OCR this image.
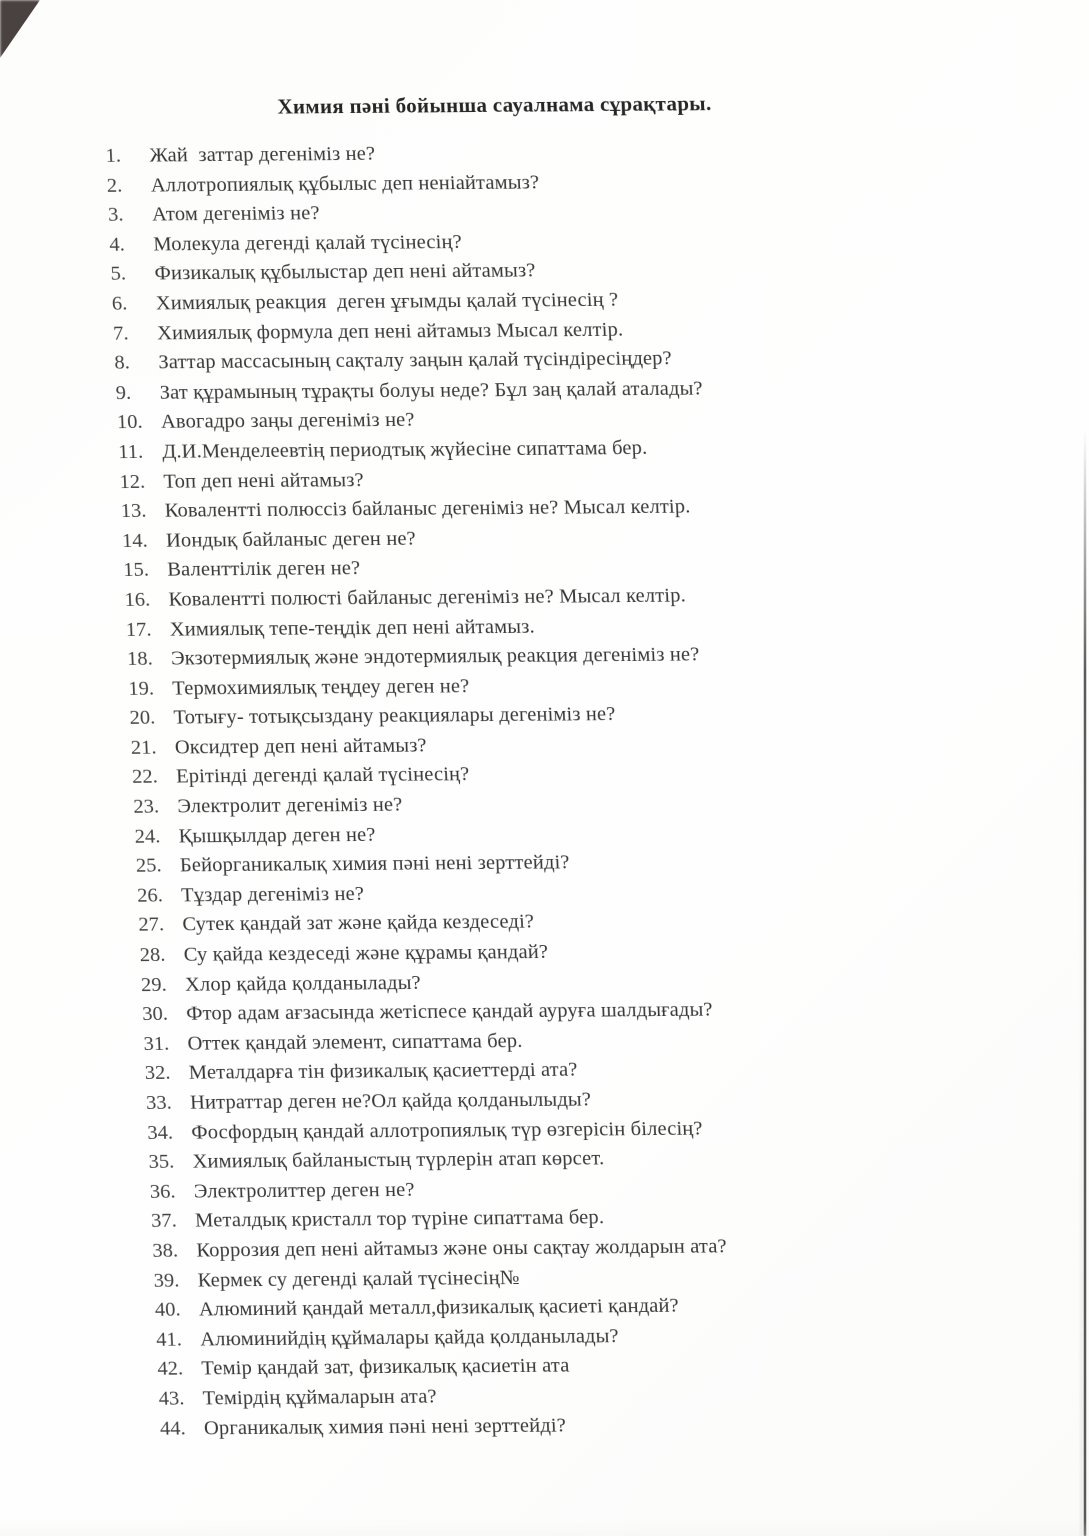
Химия пәні бойынша сауалнама сұрақтары.
1.	Жай  заттар дегеніміз не?
2.	Аллотропиялық құбылыс деп неніайтамыз?
3.	Атом дегеніміз не?
4.	Молекула дегенді қалай түсінесің?
5.	Физикалық құбылыстар деп нені айтамыз?
6.	Химиялық реакция  деген ұғымды қалай түсінесің ?
7.	Химиялық формула деп нені айтамыз Мысал келтір.
8.	Заттар массасының сақталу заңын қалай түсіндіресіңдер?
9.	Зат құрамының тұрақты болуы неде? Бұл заң қалай аталады?
10. Авогадро заңы дегеніміз не?
11. Д.И.Менделеевтің периодтық жүйесіне сипаттама бер.
12. Топ деп нені айтамыз?
13. Ковалентті полюссіз байланыс дегеніміз не? Мысал келтір.
14. Иондық байланыс деген не?
15. Валенттілік деген не?
16. Ковалентті полюсті байланыс дегеніміз не? Мысал келтір.
17. Химиялық тепе-теңдік деп нені айтамыз.
18. Экзотермиялық және эндотермиялық реакция дегеніміз не?
19. Термохимиялық теңдеу деген не?
20. Тотығу- тотықсыздану реакциялары дегеніміз не?
21. Оксидтер деп нені айтамыз?
22. Ерітінді дегенді қалай түсінесің?
23. Электролит дегеніміз не?
24. Қышқылдар деген не?
25. Бейорганикалық химия пәні нені зерттейді?
26. Тұздар дегеніміз не?
27. Сутек қандай зат және қайда кездеседі?
28. Су қайда кездеседі және құрамы қандай?
29. Хлор қайда қолданылады?
30. Фтор адам ағзасында жетіспесе қандай ауруға шалдығады?
31. Оттек қандай элемент, сипаттама бер.
32. Металдарға тін физикалық қасиеттерді ата?
33. Нитраттар деген не?Ол қайда қолданылыды?
34. Фосфордың қандай аллотропиялық түр өзгерісін білесің?
35. Химиялық байланыстың түрлерін атап көрсет.
36. Электролиттер деген не?
37. Металдық кристалл тор түріне сипаттама бер.
38. Коррозия деп нені айтамыз және оны сақтау жолдарын ата?
39. Кермек су дегенді қалай түсінесің№
40. Алюминий қандай металл,физикалық қасиеті қандай?
41. Алюминийдің құймалары қайда қолданылады?
42. Темір қандай зат, физикалық қасиетін ата
43. Темірдің құймаларын ата?
44. Органикалық химия пәні нені зерттейді?
